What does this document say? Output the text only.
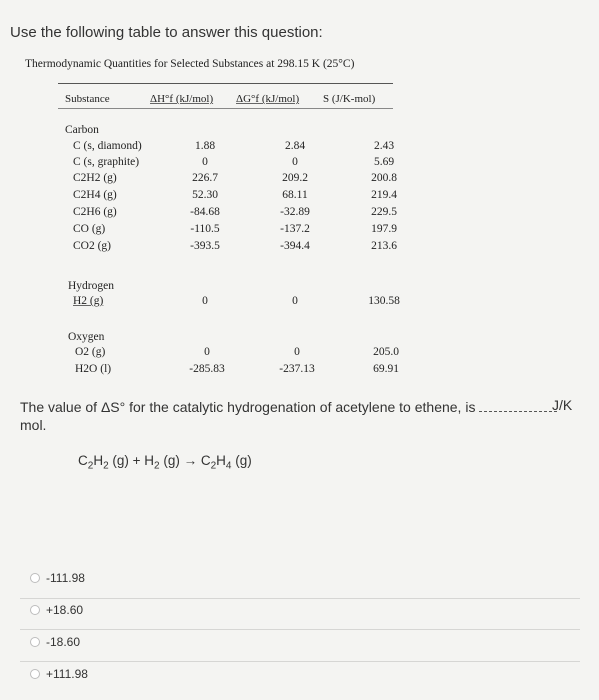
Use the following table to answer this question:
Thermodynamic Quantities for Selected Substances at 298.15 K (25°C)
Substance	ΔH°f (kJ/mol) ΔG°f (kJ/mol) S (J/K-mol)
Carbon
C (s, diamond)	1.88	2.84	2.43
C (s, graphite)	0	0	5.69
C2H2 (g)	226.7	209.2	200.8
C2H4 (g)	52.30	68.11	219.4
C2H6 (g)	-84.68	-32.89	229.5
CO (g)	-110.5	-137.2	197.9
CO2 (g)	-393.5	-394.4	213.6
Hydrogen
H2 (g)	0	0	130.58
Oxygen
O2 (g)	0	0	205.0
H2O (l)	-285.83	-237.13	69.91
The value of ΔS° for the catalytic hydrogenation of acetylene to ethene, is	J/K
mol.
$C_2H_2$ $(g) + H_2$ $(g) \to C_2H_4$ (g)
-111.98
+18.60
-18.60
+111.98
